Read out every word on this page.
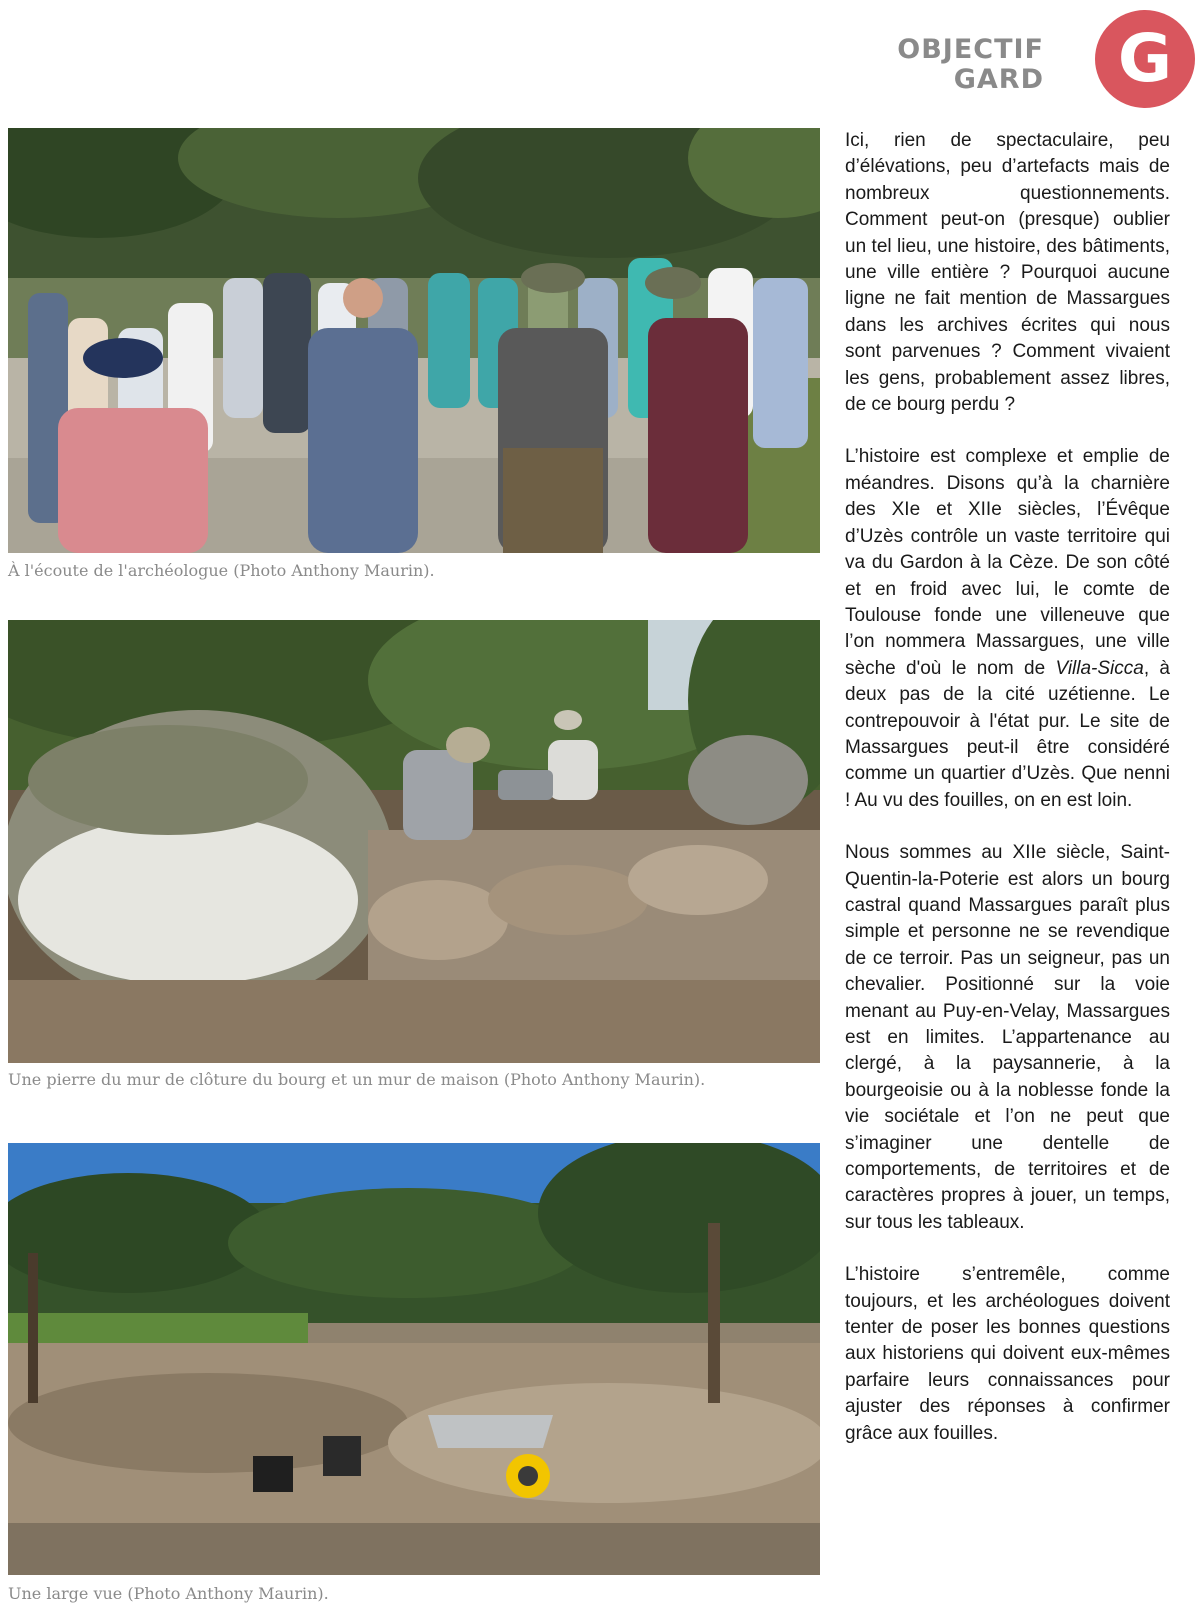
OBJECTIF
GARD	G
À l'écoute de l'archéologue (Photo Anthony Maurin).
Une pierre du mur de clôture du bourg et un mur de maison (Photo Anthony Maurin).
Une large vue (Photo Anthony Maurin).

Ici, rien de spectaculaire, peu d’élévations, peu d’artefacts mais de nombreux questionnements. Comment peut-on (presque) oublier un tel lieu, une histoire, des bâtiments, une ville entière ? Pourquoi aucune ligne ne fait mention de Massargues dans les archives écrites qui nous sont parvenues ? Comment vivaient les gens, probablement assez libres, de ce bourg perdu ?

L’histoire est complexe et emplie de méandres. Disons qu’à la charnière des XIe et XIIe siècles, l’Évêque d’Uzès contrôle un vaste territoire qui va du Gardon à la Cèze. De son côté et en froid avec lui, le comte de Toulouse fonde une villeneuve que l’on nommera Massargues, une ville sèche d'où le nom de Villa-Sicca, à deux pas de la cité uzétienne. Le contrepouvoir à l'état pur. Le site de Massargues peut-il être considéré comme un quartier d’Uzès. Que nenni ! Au vu des fouilles, on en est loin.

Nous sommes au XIIe siècle, Saint-Quentin-la-Poterie est alors un bourg castral quand Massargues paraît plus simple et personne ne se revendique de ce terroir. Pas un seigneur, pas un chevalier. Positionné sur la voie menant au Puy-en-Velay, Massargues est en limites. L’appartenance au clergé, à la paysannerie, à la bourgeoisie ou à la noblesse fonde la vie sociétale et l’on ne peut que s’imaginer une dentelle de comportements, de territoires et de caractères propres à jouer, un temps, sur tous les tableaux.

L’histoire s’entremêle, comme toujours, et les archéologues doivent tenter de poser les bonnes questions aux historiens qui doivent eux-mêmes parfaire leurs connaissances pour ajuster des réponses à confirmer grâce aux fouilles.
